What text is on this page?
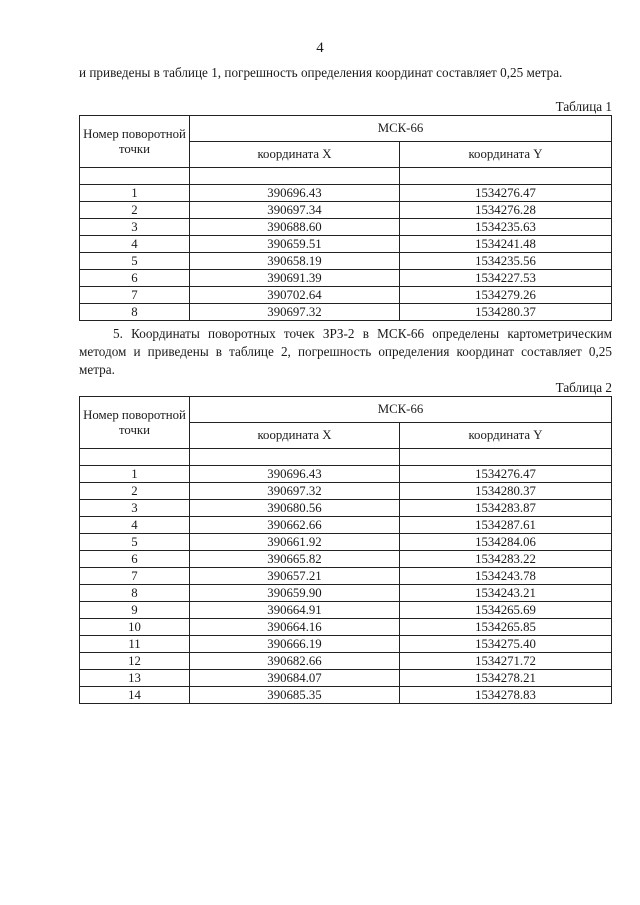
4

и приведены в таблице 1, погрешность определения координат составляет 0,25 метра.

Таблица 1
Номер поворотной точки	МСК-66	
	координата X	координата Y

1	390696.43	1534276.47
2	390697.34	1534276.28
3	390688.60	1534235.63
4	390659.51	1534241.48
5	390658.19	1534235.56
6	390691.39	1534227.53
7	390702.64	1534279.26
8	390697.32	1534280.37

5. Координаты поворотных точек ЗРЗ-2 в МСК-66 определены картометрическим методом и приведены в таблице 2, погрешность определения координат составляет 0,25 метра.

Таблица 2
Номер поворотной точки	МСК-66	
	координата X	координата Y

1	390696.43	1534276.47
2	390697.32	1534280.37
3	390680.56	1534283.87
4	390662.66	1534287.61
5	390661.92	1534284.06
6	390665.82	1534283.22
7	390657.21	1534243.78
8	390659.90	1534243.21
9	390664.91	1534265.69
10	390664.16	1534265.85
11	390666.19	1534275.40
12	390682.66	1534271.72
13	390684.07	1534278.21
14	390685.35	1534278.83
